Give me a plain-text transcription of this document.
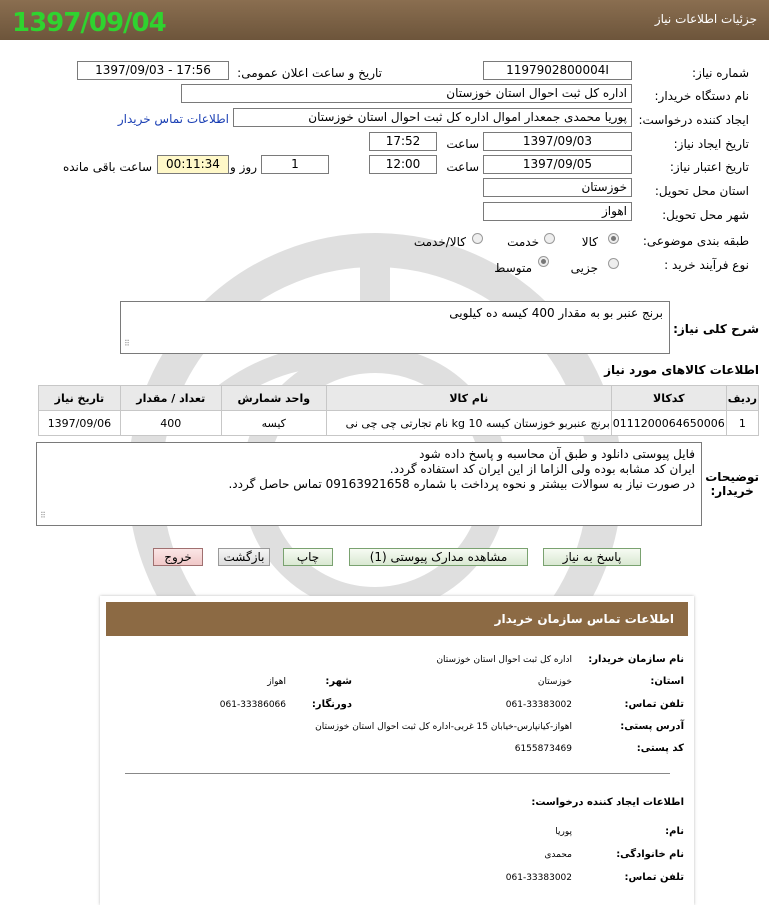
جزئیات اطلاعات نیاز
1397/09/04
شماره نیاز:
1197902800004I
تاریخ و ساعت اعلان عمومی:
1397/09/03 - 17:56
نام دستگاه خریدار:
اداره کل ثبت احوال استان خوزستان
ایجاد کننده درخواست:
پوریا محمدی جمعدار اموال اداره کل ثبت احوال استان خوزستان
اطلاعات تماس خریدار
تاریخ ایجاد نیاز:
1397/09/03
ساعت
17:52
تاریخ اعتبار نیاز:
1397/09/05
ساعت
12:00
1
روز و
00:11:34
ساعت باقی مانده
استان محل تحویل:
خوزستان
شهر محل تحویل:
اهواز
طبقه بندی موضوعی:
کالا
خدمت
کالا/خدمت
نوع فرآیند خرید :
جزیی
متوسط
شرح کلی نیاز:
برنج عنبر بو به مقدار 400 کیسه ده کیلویی
⠿
اطلاعات کالاهای مورد نیاز
ردیف	کدکالا	نام کالا	واحد شمارش	تعداد / مقدار	تاریخ نیاز
1	0111200064650006	برنج عنبربو خوزستان کیسه 10 kg نام تجارتی چی چی نی	کیسه	400	1397/09/06
توضیحات
خریدار:
فایل پیوستی دانلود و طبق آن محاسبه و پاسخ داده شود
ایران کد مشابه بوده ولی الزاما از این ایران کد استفاده گردد.
در صورت نیاز به سوالات بیشتر و نحوه پرداخت با شماره 09163921658 تماس حاصل گردد.
⠿
پاسخ به نیاز
مشاهده مدارک پیوستی (1)
چاپ
بازگشت
خروج
اطلاعات تماس سازمان خریدار
نام سازمان خریدار:
اداره کل ثبت احوال استان خوزستان
استان:
خوزستان
شهر:
اهواز
تلفن تماس:
061-33383002
دورنگار:
061-33386066
آدرس پستی:
اهواز-کیانپارس-خیابان 15 غربی-اداره کل ثبت احوال استان خوزستان
کد پستی:
6155873469
اطلاعات ایجاد کننده درخواست:
نام:
پوریا
نام خانوادگی:
محمدی
تلفن تماس:
061-33383002
